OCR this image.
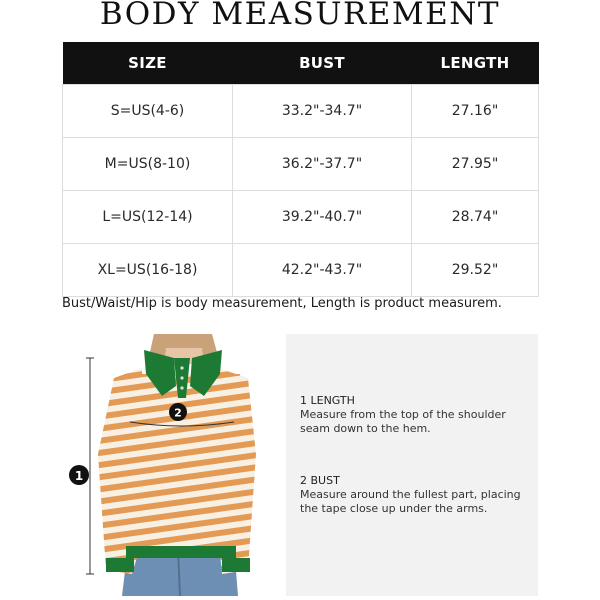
BODY MEASUREMENT
SIZE	BUST	LENGTH
S=US(4-6)	33.2"-34.7"	27.16"
M=US(8-10)	36.2"-37.7"	27.95"
L=US(12-14)	39.2"-40.7"	28.74"
XL=US(16-18)	42.2"-43.7"	29.52"
Bust/Waist/Hip is body measurement, Length is product measurem.
1
2
1 LENGTH
Measure from the top of the shoulder seam down to the hem.
2 BUST
Measure around the fullest part, placing the tape close up under the arms.
